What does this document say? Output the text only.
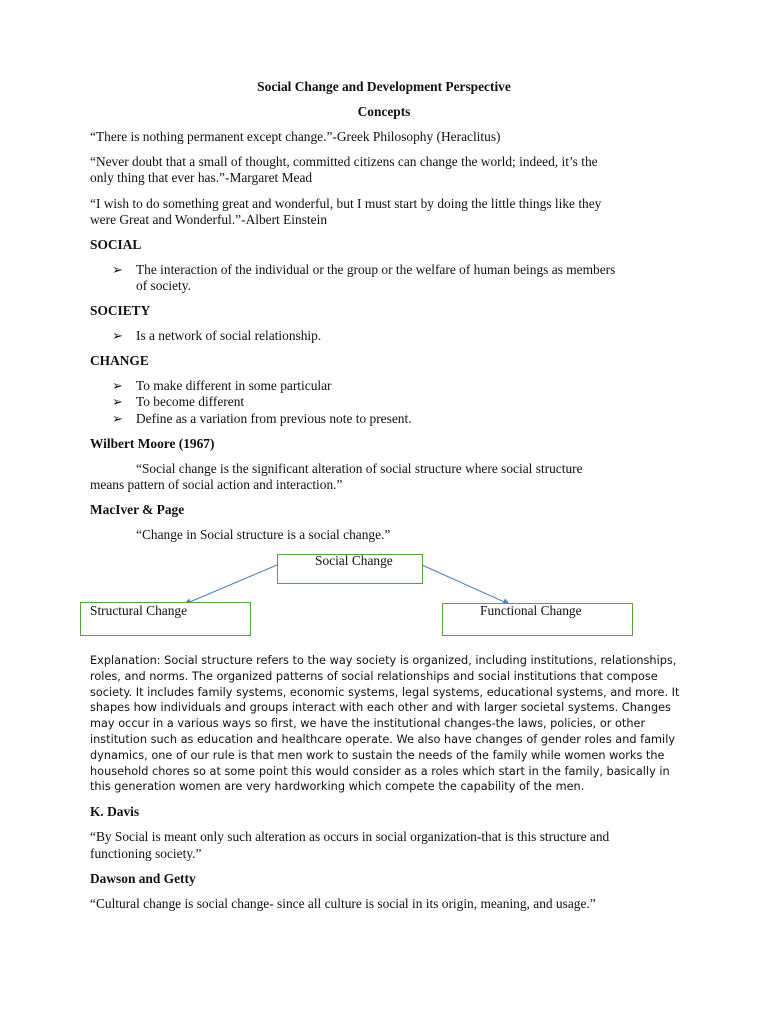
Social Change and Development Perspective
Concepts
“There is nothing permanent except change.”-Greek Philosophy (Heraclitus)
“Never doubt that a small of thought, committed citizens can change the world; indeed, it’s the
only thing that ever has.”-Margaret Mead
“I wish to do something great and wonderful, but I must start by doing the little things like they
were Great and Wonderful.”-Albert Einstein
SOCIAL
➢ The interaction of the individual or the group or the welfare of human beings as members
of society.
SOCIETY
➢ Is a network of social relationship.
CHANGE
➢ To make different in some particular
➢ To become different
➢ Define as a variation from previous note to present.
Wilbert Moore (1967)
“Social change is the significant alteration of social structure where social structure
means pattern of social action and interaction.”
MacIver & Page
“Change in Social structure is a social change.”
Social Change
Structural Change	Functional Change
Explanation: Social structure refers to the way society is organized, including institutions, relationships,
roles, and norms. The organized patterns of social relationships and social institutions that compose
society. It includes family systems, economic systems, legal systems, educational systems, and more. It
shapes how individuals and groups interact with each other and with larger societal systems. Changes
may occur in a various ways so first, we have the institutional changes-the laws, policies, or other
institution such as education and healthcare operate. We also have changes of gender roles and family
dynamics, one of our rule is that men work to sustain the needs of the family while women works the
household chores so at some point this would consider as a roles which start in the family, basically in
this generation women are very hardworking which compete the capability of the men.
K. Davis
“By Social is meant only such alteration as occurs in social organization-that is this structure and
functioning society.”
Dawson and Getty
“Cultural change is social change- since all culture is social in its origin, meaning, and usage.”
